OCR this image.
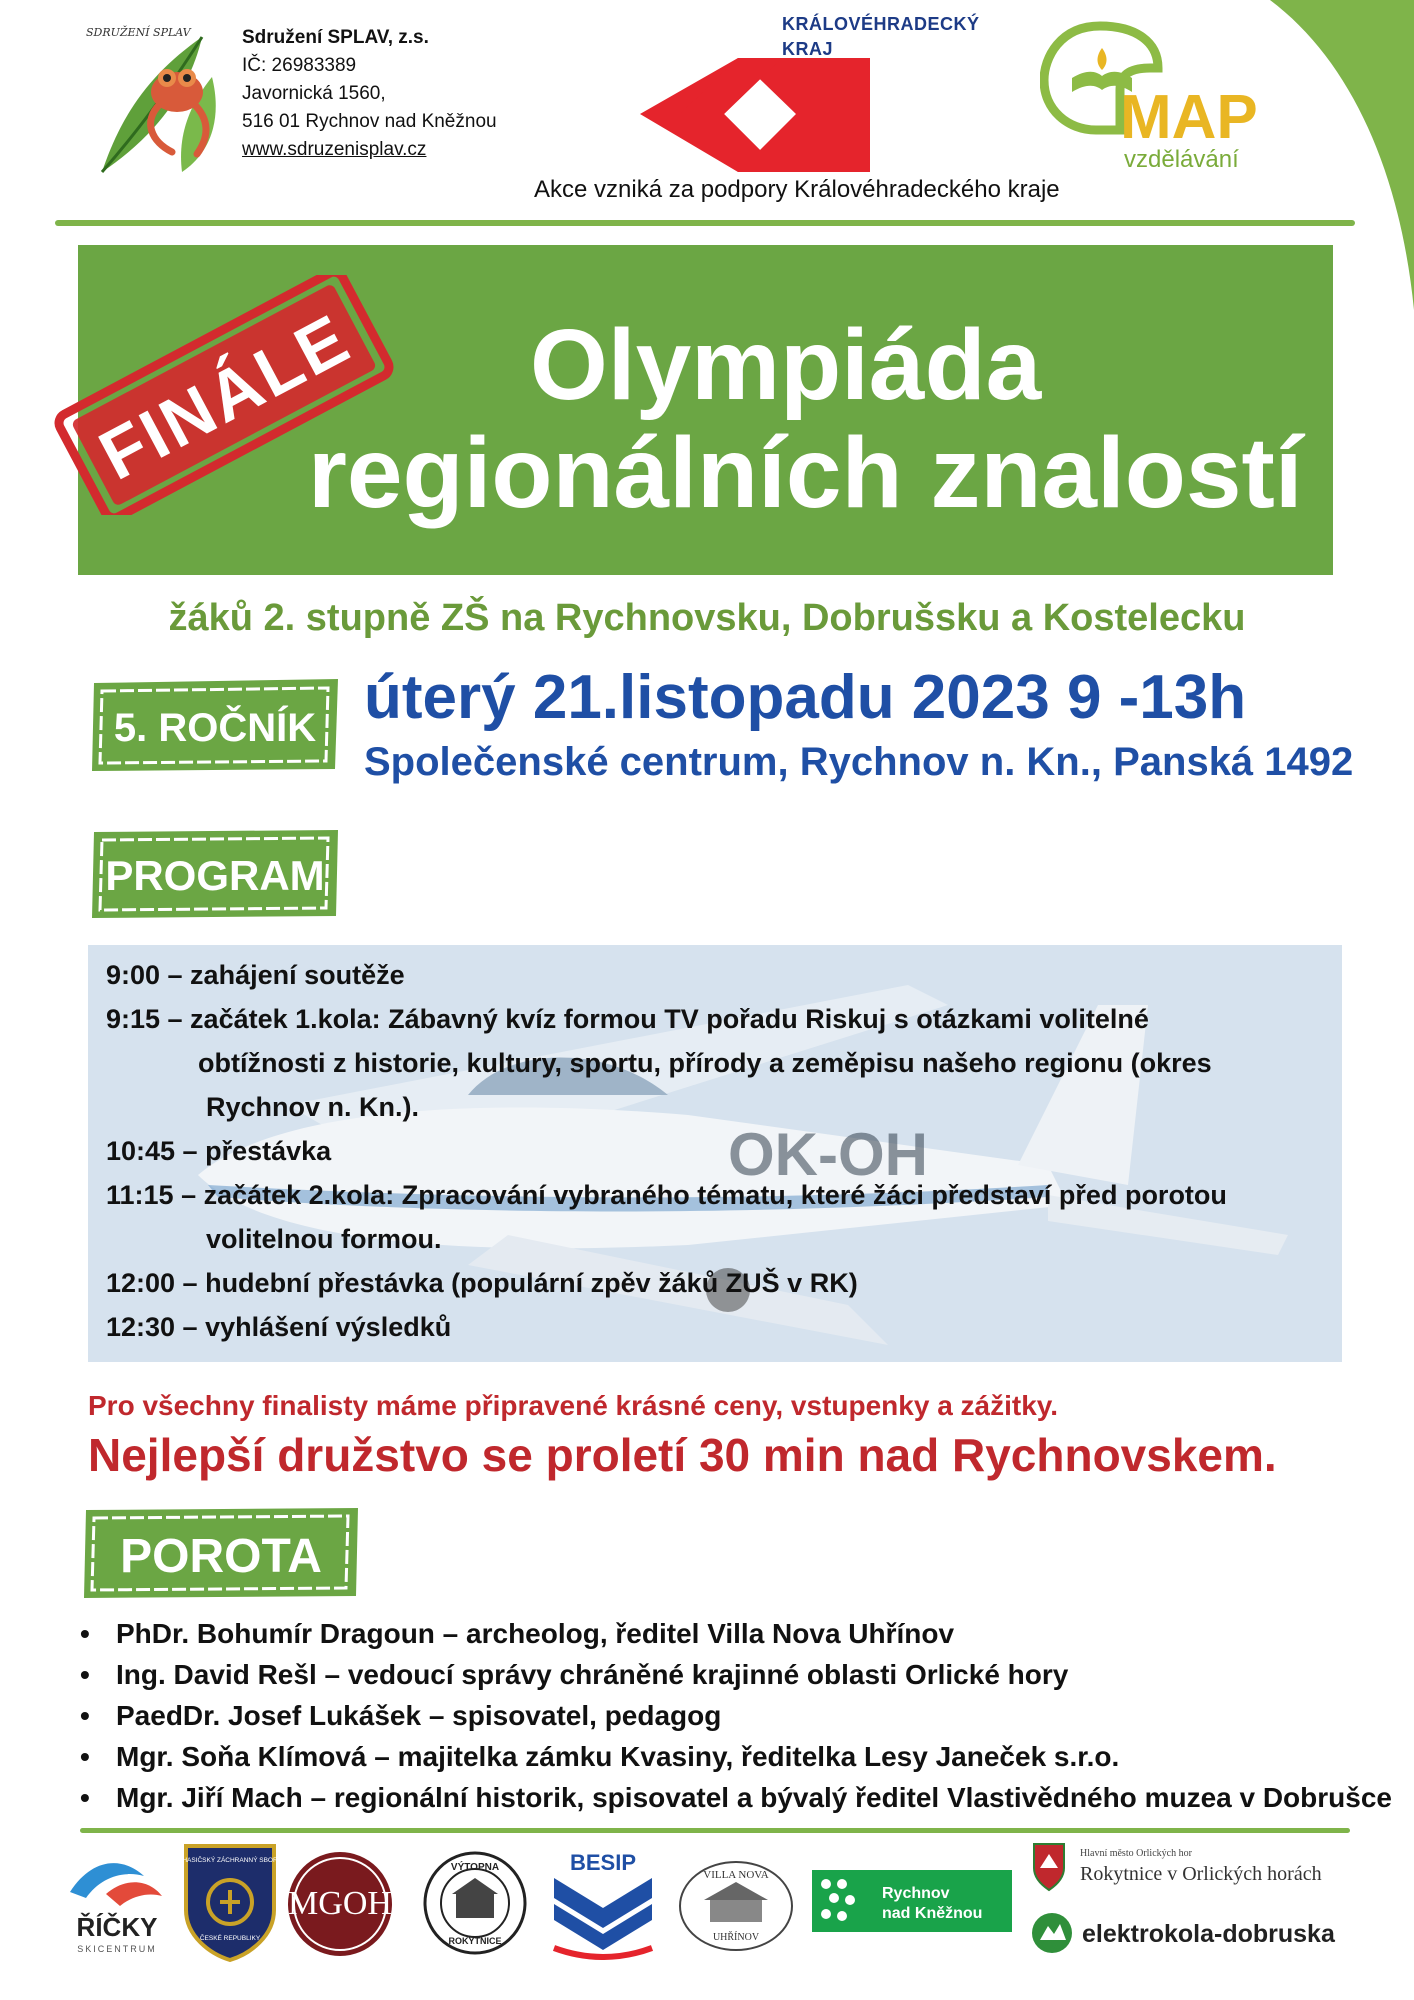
SDRUŽENÍ SPLAV	Sdružení SPLAV, z.s.
IČ: 26983389
Javornická 1560,
516 01 Rychnov nad Kněžnou
www.sdruzenisplav.cz
KRÁLOVÉHRADECKÝ
KRAJ
Akce vzniká za podpory Královéhradeckého kraje
MAP
vzdělávání
Olympiáda
regionálních znalostí
FINÁLE
žáků 2. stupně ZŠ na Rychnovsku, Dobrušsku a Kostelecku
5. ROČNÍK úterý 21.listopadu 2023 9 -13h
Společenské centrum, Rychnov n. Kn., Panská 1492
PROGRAM
OK-OH
9:00 – zahájení soutěže
9:15 – začátek 1.kola: Zábavný kvíz formou TV pořadu Riskuj s otázkami volitelné
obtížnosti z historie, kultury, sportu, přírody a zeměpisu našeho regionu (okres
Rychnov n. Kn.).
10:45 – přestávka
11:15 – začátek 2.kola: Zpracování vybraného tématu, které žáci představí před porotou
volitelnou formou.
12:00 – hudební přestávka (populární zpěv žáků ZUŠ v RK)
12:30 – vyhlášení výsledků
Pro všechny finalisty máme připravené krásné ceny, vstupenky a zážitky.
Nejlepší družstvo se proletí 30 min nad Rychnovskem.
POROTA
• PhDr. Bohumír Dragoun – archeolog, ředitel Villa Nova Uhřínov
• Ing. David Rešl – vedoucí správy chráněné krajinné oblasti Orlické hory
• PaedDr. Josef Lukášek – spisovatel, pedagog
• Mgr. Soňa Klímová – majitelka zámku Kvasiny, ředitelka Lesy Janeček s.r.o.
• Mgr. Jiří Mach – regionální historik, spisovatel a bývalý ředitel Vlastivědného muzea v Dobrušce
ŘÍČKY
SKICENTRUM
HASIČSKÝ ZÁCHRANNÝ SBOR
ČESKÉ REPUBLIKY
MGOH
VÝTOPNA
ROKYTNICE
BESIP	VILLA NOVA
UHŘÍNOV
Rychnov
nad Kněžnou
Hlavní město Orlických hor
Rokytnice v Orlických horách
elektrokola-dobruska
